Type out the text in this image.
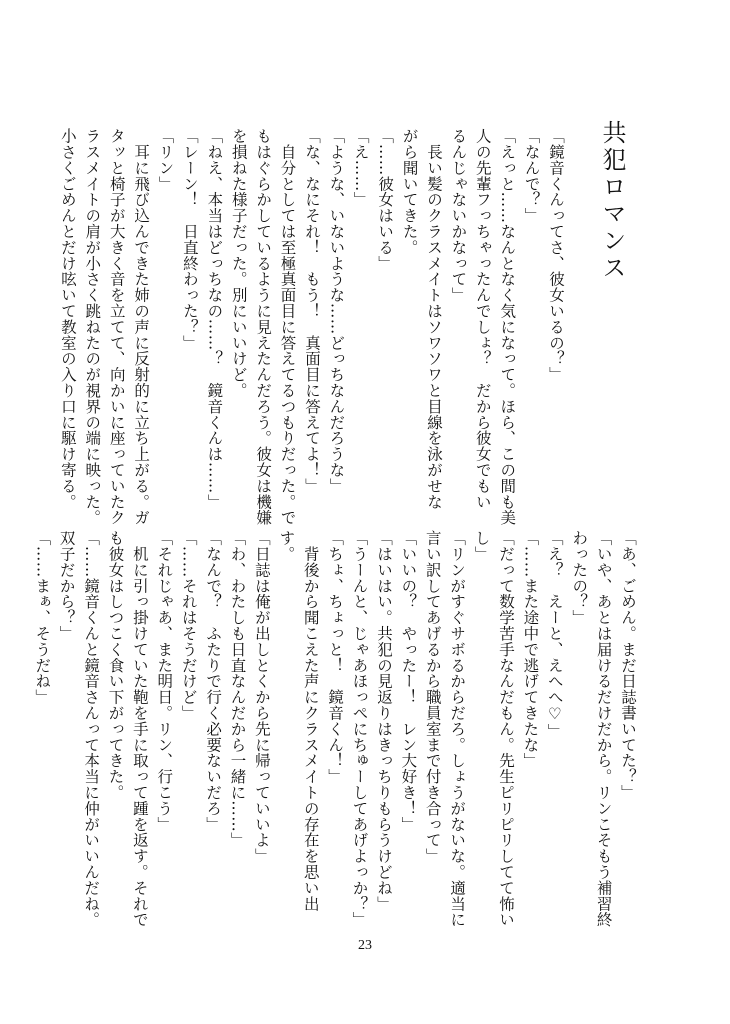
共犯ロマンス
「鏡音くんってさ、彼女いるの？」
「なんで？」
「えっと……なんとなく気になって。ほら、この間も美
人の先輩フっちゃったんでしょ？　だから彼女でもい
るんじゃないかなって」
　長い髪のクラスメイトはソワソワと目線を泳がせな
がら聞いてきた。
「……彼女はいる」
「え……」
「ような、いないような……どっちなんだろうな」
「な、なにそれ！　もう！　真面目に答えてよ！」
　自分としては至極真面目に答えてるつもりだった。で
もはぐらかしているように見えたんだろう。彼女は機嫌
を損ねた様子だった。別にいいけど。
「ねえ、本当はどっちなの……？　鏡音くんは……」
「レーン！　日直終わった？」
「リン」
　耳に飛び込んできた姉の声に反射的に立ち上がる。ガ
タッと椅子が大きく音を立てて、向かいに座っていたク
ラスメイトの肩が小さく跳ねたのが視界の端に映った。
小さくごめんとだけ呟いて教室の入り口に駆け寄る。
「あ、ごめん。まだ日誌書いてた？」
「いや、あとは届けるだけだから。リンこそもう補習終
わったの？」
「え？　えーと、えへへ♡」
「……また途中で逃げてきたな」
「だって数学苦手なんだもん。先生ピリピリしてて怖い
し」
「リンがすぐサボるからだろ。しょうがないな。適当に
言い訳してあげるから職員室まで付き合って」
「いいの？　やったー！　レン大好き！」
「はいはい。共犯の見返りはきっちりもらうけどね」
「うーんと、じゃあほっぺにちゅーしてあげよっか？」
「ちょ、ちょっと！　鏡音くん！」
　背後から聞こえた声にクラスメイトの存在を思い出
す。
「日誌は俺が出しとくから先に帰っていいよ」
「わ、わたしも日直なんだから一緒に……」
「なんで？　ふたりで行く必要ないだろ」
「……それはそうだけど」
「それじゃあ、また明日。リン、行こう」
　机に引っ掛けていた鞄を手に取って踵を返す。それで
も彼女はしつこく食い下がってきた。
「……鏡音くんと鏡音さんって本当に仲がいいんだね。
双子だから？」
「……まぁ、そうだね」
23
